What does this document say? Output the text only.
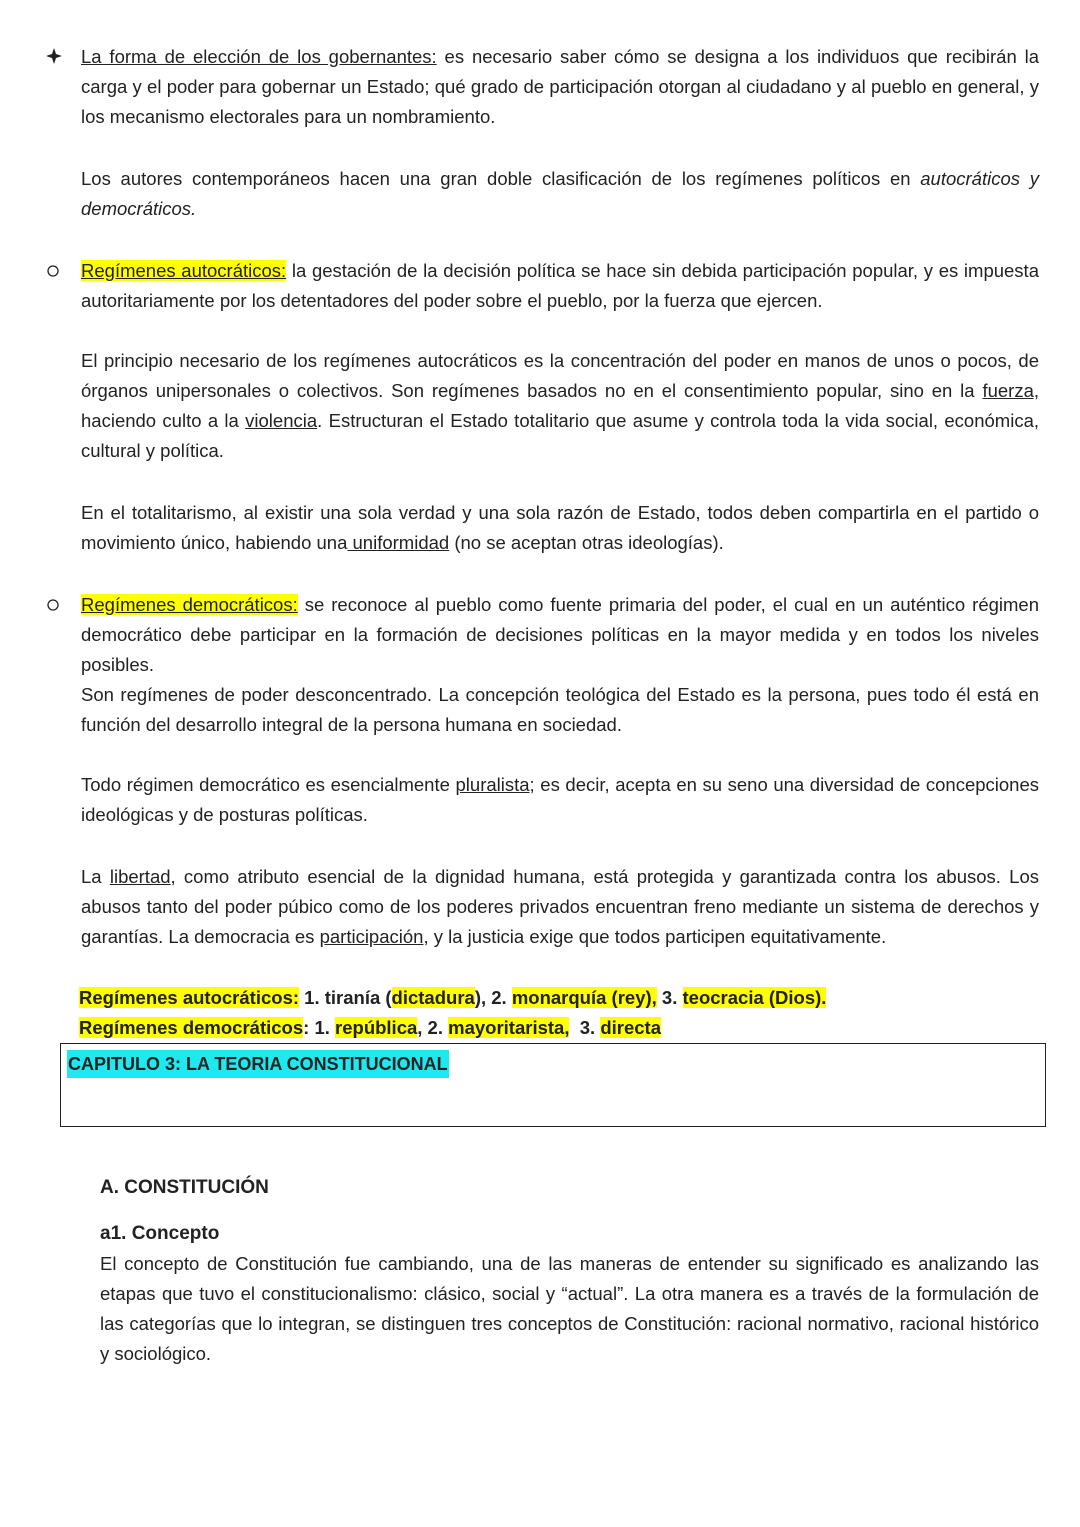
La forma de elección de los gobernantes: es necesario saber cómo se designa a los individuos que recibirán la carga y el poder para gobernar un Estado; qué grado de participación otorgan al ciudadano y al pueblo en general, y los mecanismo electorales para un nombramiento.

Los autores contemporáneos hacen una gran doble clasificación de los regímenes políticos en autocráticos y democráticos.

Regímenes autocráticos: la gestación de la decisión política se hace sin debida participación popular, y es impuesta autoritariamente por los detentadores del poder sobre el pueblo, por la fuerza que ejercen.

El principio necesario de los regímenes autocráticos es la concentración del poder en manos de unos o pocos, de órganos unipersonales o colectivos. Son regímenes basados no en el consentimiento popular, sino en la fuerza, haciendo culto a la violencia. Estructuran el Estado totalitario que asume y controla toda la vida social, económica, cultural y política.

En el totalitarismo, al existir una sola verdad y una sola razón de Estado, todos deben compartirla en el partido o movimiento único, habiendo una uniformidad (no se aceptan otras ideologías).

Regímenes democráticos: se reconoce al pueblo como fuente primaria del poder, el cual en un auténtico régimen democrático debe participar en la formación de decisiones políticas en la mayor medida y en todos los niveles posibles.
Son regímenes de poder desconcentrado. La concepción teológica del Estado es la persona, pues todo él está en función del desarrollo integral de la persona humana en sociedad.

Todo régimen democrático es esencialmente pluralista; es decir, acepta en su seno una diversidad de concepciones ideológicas y de posturas políticas.

La libertad, como atributo esencial de la dignidad humana, está protegida y garantizada contra los abusos. Los abusos tanto del poder púbico como de los poderes privados encuentran freno mediante un sistema de derechos y garantías. La democracia es participación, y la justicia exige que todos participen equitativamente.

Regímenes autocráticos: 1. tiranía (dictadura), 2. monarquía (rey), 3. teocracia (Dios).

Regímenes democráticos: 1. república, 2. mayoritarista,  3. directa

CAPITULO 3: LA TEORIA CONSTITUCIONAL

A. CONSTITUCIÓN

a1. Concepto

El concepto de Constitución fue cambiando, una de las maneras de entender su significado es analizando las etapas que tuvo el constitucionalismo: clásico, social y “actual”. La otra manera es a través de la formulación de las categorías que lo integran, se distinguen tres conceptos de Constitución: racional normativo, racional histórico y sociológico.
